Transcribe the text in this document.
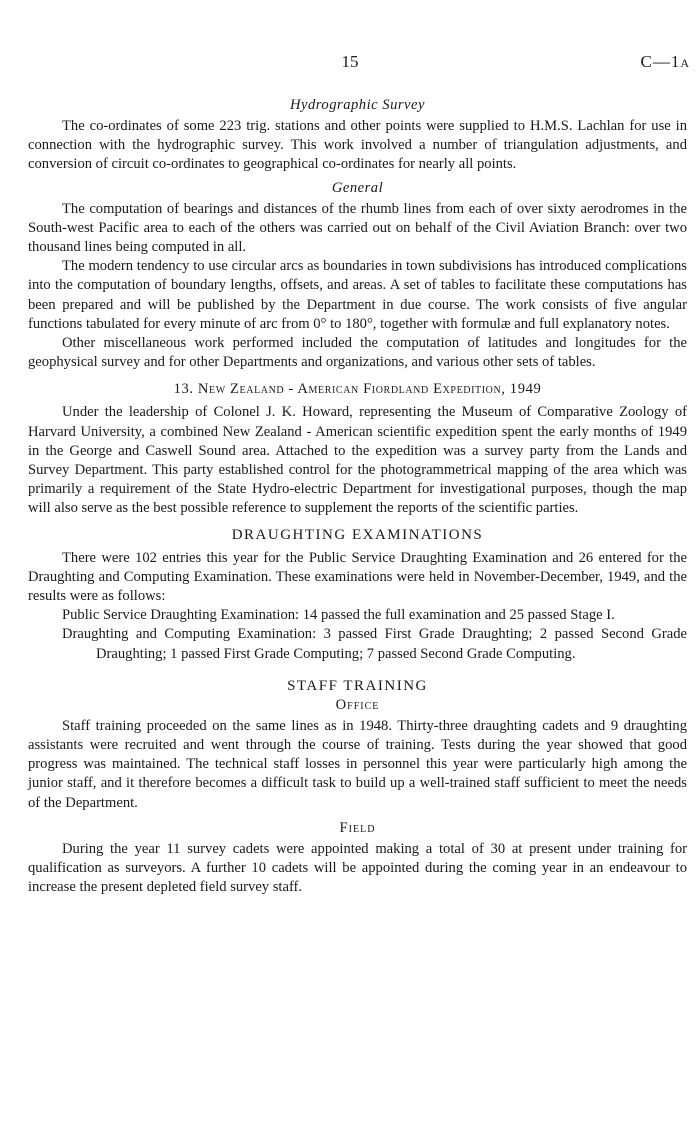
15	C—1A
Hydrographic Survey

The co-ordinates of some 223 trig. stations and other points were supplied to H.M.S. Lachlan for use in connection with the hydrographic survey. This work involved a number of triangulation adjustments, and conversion of circuit co-ordinates to geographical co-ordinates for nearly all points.

General

The computation of bearings and distances of the rhumb lines from each of over sixty aerodromes in the South-west Pacific area to each of the others was carried out on behalf of the Civil Aviation Branch: over two thousand lines being computed in all.

The modern tendency to use circular arcs as boundaries in town subdivisions has introduced complications into the computation of boundary lengths, offsets, and areas. A set of tables to facilitate these computations has been prepared and will be published by the Department in due course. The work consists of five angular functions tabulated for every minute of arc from 0° to 180°, together with formulæ and full explanatory notes.

Other miscellaneous work performed included the computation of latitudes and longitudes for the geophysical survey and for other Departments and organizations, and various other sets of tables.

13. New Zealand - American Fiordland Expedition, 1949

Under the leadership of Colonel J. K. Howard, representing the Museum of Comparative Zoology of Harvard University, a combined New Zealand - American scientific expedition spent the early months of 1949 in the George and Caswell Sound area. Attached to the expedition was a survey party from the Lands and Survey Department. This party established control for the photogrammetrical mapping of the area which was primarily a requirement of the State Hydro-electric Department for investigational purposes, though the map will also serve as the best possible reference to supplement the reports of the scientific parties.

DRAUGHTING EXAMINATIONS

There were 102 entries this year for the Public Service Draughting Examination and 26 entered for the Draughting and Computing Examination. These examinations were held in November-December, 1949, and the results were as follows:

Public Service Draughting Examination: 14 passed the full examination and 25 passed Stage I.
Draughting and Computing Examination: 3 passed First Grade Draughting; 2 passed Second Grade Draughting; 1 passed First Grade Computing; 7 passed Second Grade Computing.
STAFF TRAINING
Office

Staff training proceeded on the same lines as in 1948. Thirty-three draughting cadets and 9 draughting assistants were recruited and went through the course of training. Tests during the year showed that good progress was maintained. The technical staff losses in personnel this year were particularly high among the junior staff, and it therefore becomes a difficult task to build up a well-trained staff sufficient to meet the needs of the Department.

Field

During the year 11 survey cadets were appointed making a total of 30 at present under training for qualification as surveyors. A further 10 cadets will be appointed during the coming year in an endeavour to increase the present depleted field survey staff.
